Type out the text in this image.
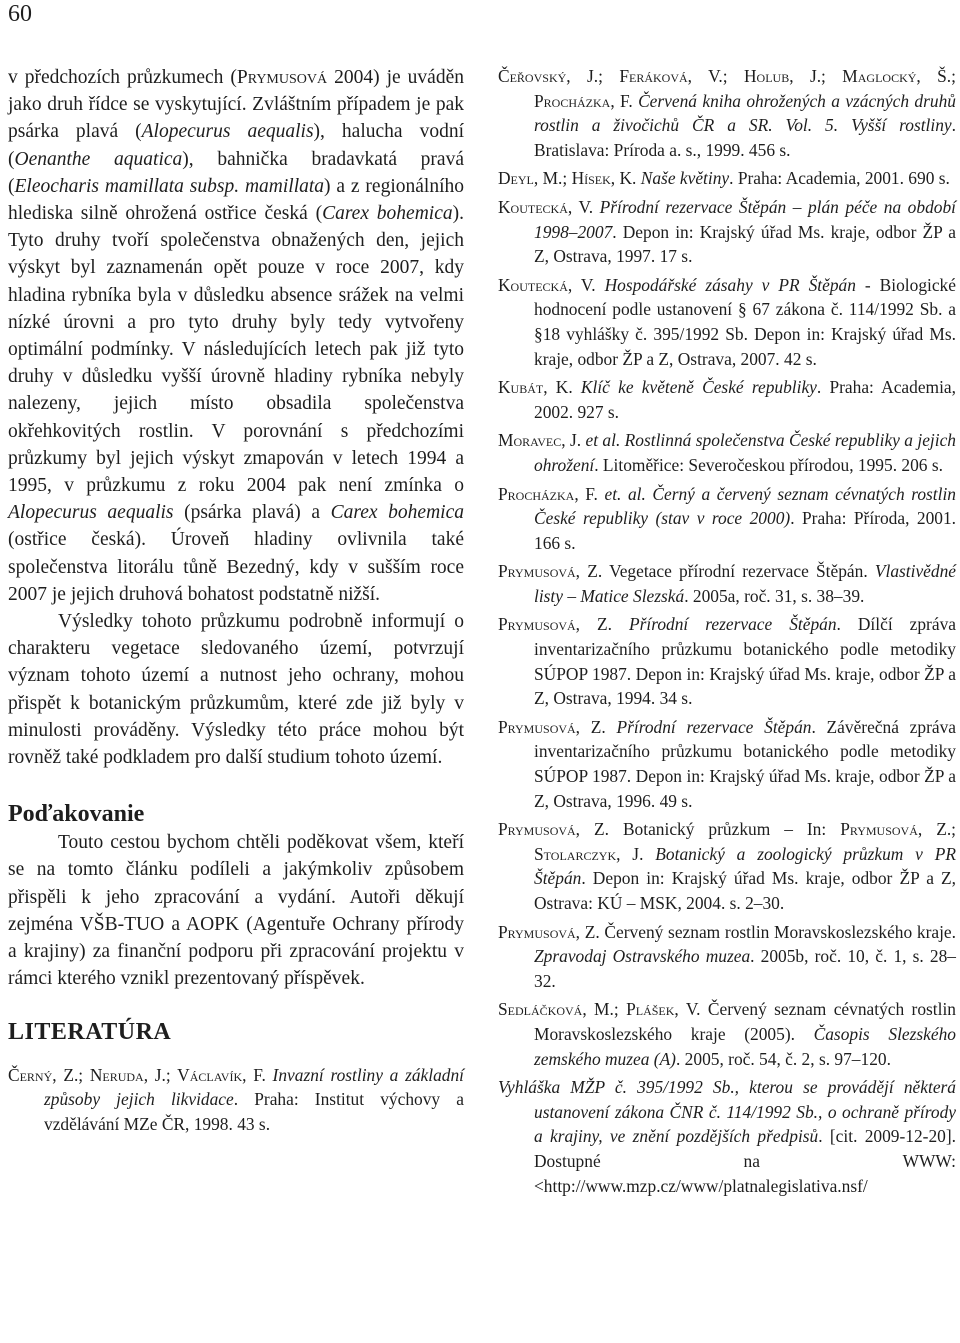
60

v předchozích průzkumech (Prymusová 2004) je uváděn jako druh řídce se vyskytující. Zvláštním případem je pak psárka plavá (Alopecurus aequalis), halucha vodní (Oenanthe aquatica), bahnička bradavkatá pravá (Eleocharis mamillata subsp. mamillata) a z regionálního hlediska silně ohrožená ostřice česká (Carex bohemica). Tyto druhy tvoří společenstva obnažených den, jejich výskyt byl zaznamenán opět pouze v roce 2007, kdy hladina rybníka byla v důsledku absence srážek na velmi nízké úrovni a pro tyto druhy byly tedy vytvořeny optimální podmínky. V následujících letech pak již tyto druhy v důsledku vyšší úrovně hladiny rybníka nebyly nalezeny, jejich místo obsadila společenstva okřehkovitých rostlin. V porovnání s předchozími průzkumy byl jejich výskyt zmapován v letech 1994 a 1995, v průzkumu z roku 2004 pak není zmínka o Alopecurus aequalis (psárka plavá) a Carex bohemica (ostřice česká). Úroveň hladiny ovlivnila také společenstva litorálu tůně Bezedný, kdy v sušším roce 2007 je jejich druhová bohatost podstatně nižší.

Výsledky tohoto průzkumu podrobně informují o charakteru vegetace sledovaného území, potvrzují význam tohoto území a nutnost jeho ochrany, mohou přispět k botanickým průzkumům, které zde již byly v minulosti prováděny. Výsledky této práce mohou být rovněž také podkladem pro další studium tohoto území.

Poďakovanie

Touto cestou bychom chtěli poděkovat všem, kteří se na tomto článku podíleli a jakýmkoliv způsobem přispěli k jeho zpracování a vydání. Autoři děkují zejména VŠB-TUO a AOPK (Agentuře Ochrany přírody a krajiny) za finanční podporu při zpracování projektu v rámci kterého vznikl prezentovaný příspěvek.

LITERATÚRA

Černý, Z.; Neruda, J.; Václavík, F. Invazní rostliny a základní způsoby jejich likvidace. Praha: Institut výchovy a vzdělávání MZe ČR, 1998. 43 s.

Čeřovský, J.; Feráková, V.; Holub, J.; Maglocký, Š.; Procházka, F. Červená kniha ohrožených a vzácných druhů rostlin a živočichů ČR a SR. Vol. 5. Vyšší rostliny. Bratislava: Príroda a. s., 1999. 456 s.

Deyl, M.; Hísek, K. Naše květiny. Praha: Academia, 2001. 690 s.

Koutecká, V. Přírodní rezervace Štěpán – plán péče na období 1998–2007. Depon in: Krajský úřad Ms. kraje, odbor ŽP a Z, Ostrava, 1997. 17 s.

Koutecká, V. Hospodářské zásahy v PR Štěpán - Biologické hodnocení podle ustanovení § 67 zákona č. 114/1992 Sb. a §18 vyhlášky č. 395/1992 Sb. Depon in: Krajský úřad Ms. kraje, odbor ŽP a Z, Ostrava, 2007. 42 s.

Kubát, K. Klíč ke květeně České republiky. Praha: Academia, 2002. 927 s.

Moravec, J. et al. Rostlinná společenstva České republiky a jejich ohrožení. Litoměřice: Severočeskou přírodou, 1995. 206 s.

Procházka, F. et. al. Černý a červený seznam cévnatých rostlin České republiky (stav v roce 2000). Praha: Příroda, 2001. 166 s.

Prymusová, Z. Vegetace přírodní rezervace Štěpán. Vlastivědné listy – Matice Slezská. 2005a, roč. 31, s. 38–39.

Prymusová, Z. Přírodní rezervace Štěpán. Dílčí zpráva inventarizačního průzkumu botanického podle metodiky SÚPOP 1987. Depon in: Krajský úřad Ms. kraje, odbor ŽP a Z, Ostrava, 1994. 34 s.

Prymusová, Z. Přírodní rezervace Štěpán. Závěrečná zpráva inventarizačního průzkumu botanického podle metodiky SÚPOP 1987. Depon in: Krajský úřad Ms. kraje, odbor ŽP a Z, Ostrava, 1996. 49 s.

Prymusová, Z. Botanický průzkum – In: Prymusová, Z.; Stolarczyk, J. Botanický a zoologický průzkum v PR Štěpán. Depon in: Krajský úřad Ms. kraje, odbor ŽP a Z, Ostrava: KÚ – MSK, 2004. s. 2–30.

Prymusová, Z. Červený seznam rostlin Moravskoslezského kraje. Zpravodaj Ostravského muzea. 2005b, roč. 10, č. 1, s. 28–32.

Sedláčková, M.; Plášek, V. Červený seznam cévnatých rostlin Moravskoslezského kraje (2005). Časopis Slezského zemského muzea (A). 2005, roč. 54, č. 2, s. 97–120.

Vyhláška MŽP č. 395/1992 Sb., kterou se provádějí některá ustanovení zákona ČNR č. 114/1992 Sb., o ochraně přírody a krajiny, ve znění pozdějších předpisů. [cit. 2009-12-20]. Dostupné na WWW:<http://www.mzp.cz/www/platnalegislativa.nsf/
